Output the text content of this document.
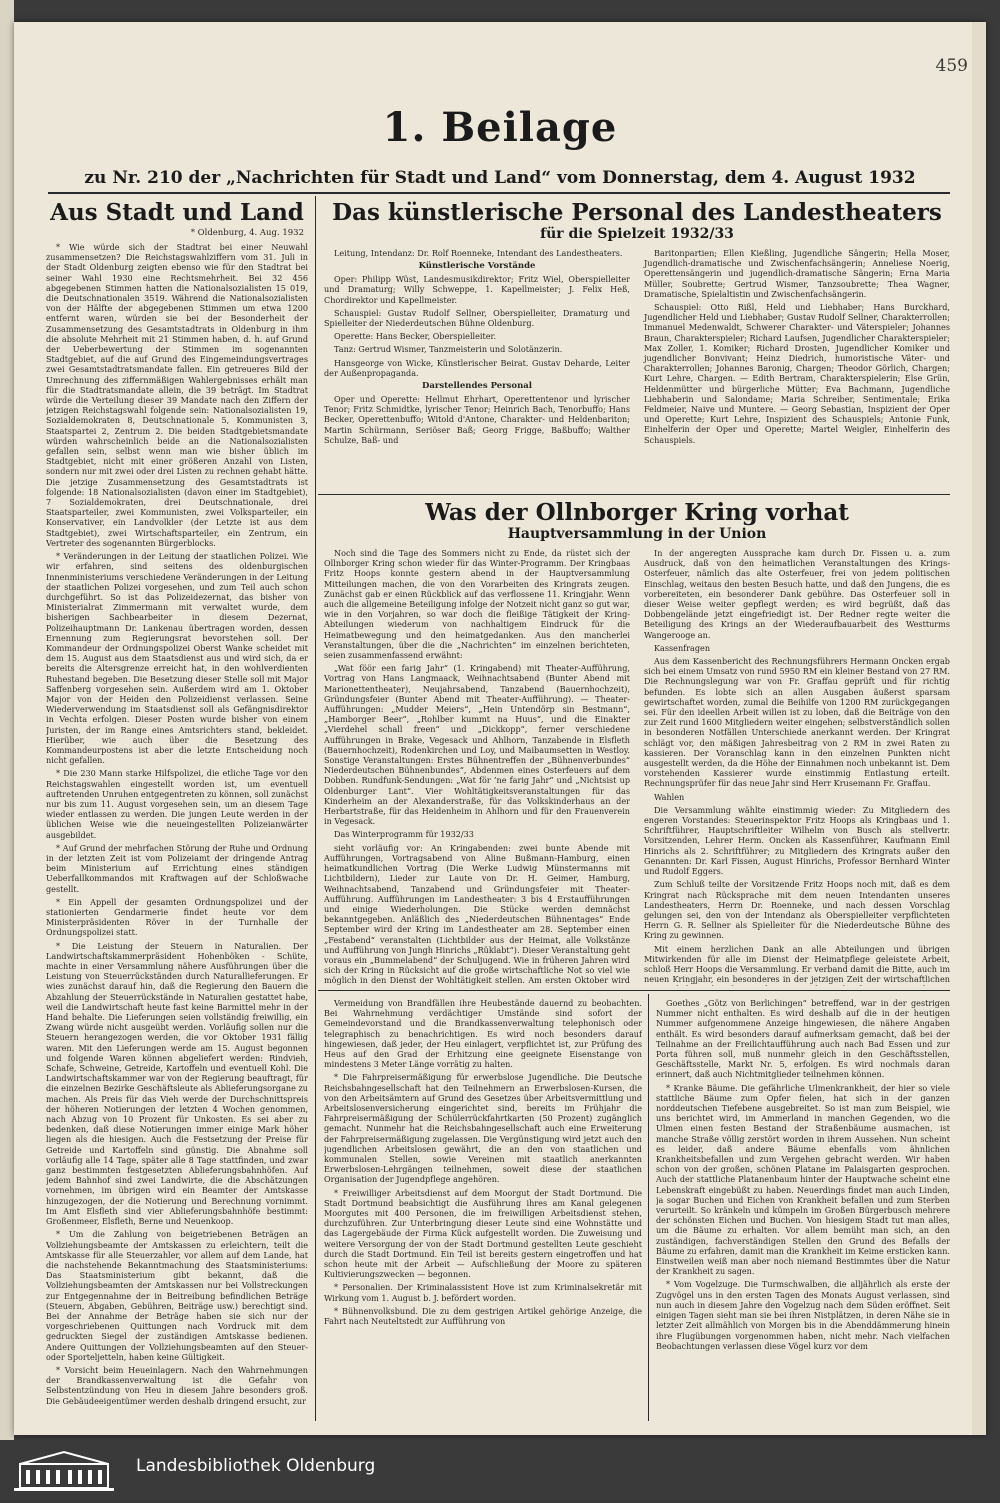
459
1. Beilage
zu Nr. 210 der „Nachrichten für Stadt und Land“ vom Donnerstag, dem 4. August 1932
Aus Stadt und Land
* Oldenburg, 4. Aug. 1932

* Wie würde sich der Stadtrat bei einer Neuwahl zusammensetzen? Die Reichstagswahlziffern vom 31. Juli in der Stadt Oldenburg zeigten ebenso wie für den Stadtrat bei seiner Wahl 1930 eine Rechtsmehrheit. Bei 32 456 abgegebenen Stimmen hatten die Nationalsozialisten 15 019, die Deutschnationalen 3519. Während die Nationalsozialisten von der Hälfte der abgegebenen Stimmen um etwa 1200 entfernt waren, würden sie bei der Besonderheit der Zusammensetzung des Gesamtstadtrats in Oldenburg in ihm die absolute Mehrheit mit 21 Stimmen haben, d. h. auf Grund der Ueberbewertung der Stimmen im sogenannten Stadtgebiet, auf die auf Grund des Eingemeindungsvertrages zwei Gesamtstadtratsmandate fallen. Ein getreueres Bild der Umrechnung des ziffernmäßigen Wahlergebnisses erhält man für die Stadtratsmandate allein, die 39 beträgt. Im Stadtrat würde die Verteilung dieser 39 Mandate nach den Ziffern der jetzigen Reichstagswahl folgende sein: Nationalsozialisten 19, Sozialdemokraten 8, Deutschnationale 5, Kommunisten 3, Staatspartei 2, Zentrum 2. Die beiden Stadtgebietsmandate würden wahrscheinlich beide an die Nationalsozialisten gefallen sein, selbst wenn man wie bisher üblich im Stadtgebiet, nicht mit einer größeren Anzahl von Listen, sondern nur mit zwei oder drei Listen zu rechnen gehabt hätte. Die jetzige Zusammensetzung des Gesamtstadtrats ist folgende: 18 Nationalsozialisten (davon einer im Stadtgebiet), 7 Sozialdemokraten, drei Deutschnationale, drei Staatsparteiler, zwei Kommunisten, zwei Volksparteiler, ein Konservativer, ein Landvolkler (der Letzte ist aus dem Stadtgebiet), zwei Wirtschaftsparteiler, ein Zentrum, ein Vertreter des sogenannten Bürgerblocks.

* Veränderungen in der Leitung der staatlichen Polizei. Wie wir erfahren, sind seitens des oldenburgischen Innenministeriums verschiedene Veränderungen in der Leitung der staatlichen Polizei vorgesehen, und zum Teil auch schon durchgeführt. So ist das Polizeidezernat, das bisher von Ministerialrat Zimmermann mit verwaltet wurde, dem bisherigen Sachbearbeiter in diesem Dezernat, Polizeihauptmann Dr. Lankenau übertragen worden, dessen Ernennung zum Regierungsrat bevorstehen soll. Der Kommandeur der Ordnungspolizei Oberst Wanke scheidet mit dem 15. August aus dem Staatsdienst aus und wird sich, da er bereits die Altersgrenze erreicht hat, in den wohlverdienten Ruhestand begeben. Die Besetzung dieser Stelle soll mit Major Saffenberg vorgesehen sein. Außerdem wird am 1. Oktober Major von der Heiden den Polizeidienst verlassen. Seine Wiederverwendung im Staatsdienst soll als Gefängnisdirektor in Vechta erfolgen. Dieser Posten wurde bisher von einem Juristen, der im Range eines Amtsrichters stand, bekleidet. Hierüber, wie auch über die Besetzung des Kommandeurpostens ist aber die letzte Entscheidung noch nicht gefallen.

* Die 230 Mann starke Hilfspolizei, die etliche Tage vor den Reichstagswahlen eingestellt worden ist, um eventuell auftretenden Unruhen entgegentreten zu können, soll zunächst nur bis zum 11. August vorgesehen sein, um an diesem Tage wieder entlassen zu werden. Die jungen Leute werden in der üblichen Weise wie die neueingestellten Polizeianwärter ausgebildet.

* Auf Grund der mehrfachen Störung der Ruhe und Ordnung in der letzten Zeit ist vom Polizeiamt der dringende Antrag beim Ministerium auf Errichtung eines ständigen Ueberfallkommandos mit Kraftwagen auf der Schloßwache gestellt.

* Ein Appell der gesamten Ordnungspolizei und der stationierten Gendarmerie findet heute vor dem Ministerpräsidenten Röver in der Turnhalle der Ordnungspolizei statt.

* Die Leistung der Steuern in Naturalien. Der Landwirtschaftskammerpräsident Hohenböken - Schüte, machte in einer Versammlung nähere Ausführungen über die Leistung von Steuerrückständen durch Naturallieferungen. Er wies zunächst darauf hin, daß die Regierung den Bauern die Abzahlung der Steuerrückstände in Naturalien gestattet habe, weil die Landwirtschaft heute fast keine Barmittel mehr in der Hand behalte. Die Lieferungen seien vollständig freiwillig, ein Zwang würde nicht ausgeübt werden. Vorläufig sollen nur die Steuern herangezogen werden, die vor Oktober 1931 fällig waren. Mit den Lieferungen werde am 15. August begonnen und folgende Waren können abgeliefert werden: Rindvieh, Schafe, Schweine, Getreide, Kartoffeln und eventuell Kohl. Die Landwirtschaftskammer war von der Regierung beauftragt, für die einzelnen Bezirke Geschäftsleute als Ablieferungsorgane zu machen. Als Preis für das Vieh werde der Durchschnittspreis der höheren Notierungen der letzten 4 Wochen genommen, nach Abzug von 10 Prozent für Unkosten. Es sei aber zu bedenken, daß diese Notierungen immer einige Mark höher liegen als die hiesigen. Auch die Festsetzung der Preise für Getreide und Kartoffeln sind günstig. Die Abnahme soll vorläufig alle 14 Tage, später alle 8 Tage stattfinden, und zwar ganz bestimmten festgesetzten Ablieferungsbahnhöfen. Auf jedem Bahnhof sind zwei Landwirte, die die Abschätzungen vornehmen, im übrigen wird ein Beamter der Amtskasse hinzugezogen, der die Notierung und Berechnung vornimmt. Im Amt Elsfleth sind vier Ablieferungsbahnhöfe bestimmt: Großenmeer, Elsfleth, Berne und Neuenkoop.

* Um die Zahlung von beigetriebenen Beträgen an Vollziehungsbeamte der Amtskassen zu erleichtern, teilt die Amtskasse für alle Steuerzahler, vor allem auf dem Lande, hat die nachstehende Bekanntmachung des Staatsministeriums: Das Staatsministerium gibt bekannt, daß die Vollziehungsbeamten der Amtskassen nur bei Vollstreckungen zur Entgegennahme der in Beitreibung befindlichen Beträge (Steuern, Abgaben, Gebühren, Beiträge usw.) berechtigt sind. Bei der Annahme der Beträge haben sie sich nur der vorgeschriebenen Quittungen nach Vordruck mit dem gedruckten Siegel der zuständigen Amtskasse bedienen. Andere Quittungen der Vollziehungsbeamten auf den Steuer- oder Sporteljetteln, haben keine Gültigkeit.

* Vorsicht beim Heueinlagern. Nach den Wahrnehmungen der Brandkassenverwaltung ist die Gefahr von Selbstentzündung von Heu in diesem Jahre besonders groß. Die Gebäudeeigentümer werden deshalb dringend ersucht, zur

Das künstlerische Personal des Landestheaters
für die Spielzeit 1932/33

Leitung, Intendanz: Dr. Rolf Roenneke, Intendant des Landestheaters.

Künstlerische Vorstände

Oper: Philipp Wüst, Landesmusikdirektor; Fritz Wiel, Oberspielleiter und Dramaturg; Willy Schweppe, 1. Kapellmeister; J. Felix Heß, Chordirektor und Kapellmeister.

Schauspiel: Gustav Rudolf Sellner, Oberspielleiter, Dramaturg und Spielleiter der Niederdeutschen Bühne Oldenburg.

Operette: Hans Becker, Oberspielleiter.

Tanz: Gertrud Wismer, Tanzmeisterin und Solotänzerin.

Hansgeorge von Wicke, Künstlerischer Beirat. Gustav Deharde, Leiter der Außenpropaganda.

Darstellendes Personal

Oper und Operette: Hellmut Ehrhart, Operettentenor und lyrischer Tenor; Fritz Schmidtke, lyrischer Tenor; Heinrich Bach, Tenorbuffo; Hans Becker, Operettenbuffo; Witold d'Antone, Charakter- und Heldenbariton; Martin Schürmann, Seriöser Baß; Georg Frigge, Baßbuffo; Walther Schulze, Baß- und

Baritonpartien; Ellen Kießling, Jugendliche Sängerin; Hella Moser, Jugendlich-dramatische und Zwischenfachsängerin; Anneliese Noerig, Operettensängerin und jugendlich-dramatische Sängerin; Erna Maria Müller, Soubrette; Gertrud Wismer, Tanzsoubrette; Thea Wagner, Dramatische, Spielaltistin und Zwischenfachsängerin.

Schauspiel: Otto Rißl, Held und Liebhaber; Hans Burckhard, Jugendlicher Held und Liebhaber; Gustav Rudolf Sellner, Charakterrollen; Immanuel Medenwaldt, Schwerer Charakter- und Väterspieler; Johannes Braun, Charakterspieler; Richard Laufsen, Jugendlicher Charakterspieler; Max Zoller, 1. Komiker; Richard Drosten, Jugendlicher Komiker und jugendlicher Bonvivant; Heinz Diedrich, humoristische Väter- und Charakterrollen; Johannes Baronig, Chargen; Theodor Görlich, Chargen; Kurt Lehre, Chargen. — Edith Bertram, Charakterspielerin; Else Grün, Heldenmütter und bürgerliche Mütter; Eva Bachmann, Jugendliche Liebhaberin und Salondame; Maria Schreiber, Sentimentale; Erika Feldmeier, Naive und Muntere. — Georg Sebastian, Inspizient der Oper und Operette; Kurt Lehre, Inspizient des Schauspiels; Antonie Funk, Einhelferin der Oper und Operette; Martel Weigler, Einhelferin des Schauspiels.

Was der Ollnborger Kring vorhat
Hauptversammlung in der Union

Noch sind die Tage des Sommers nicht zu Ende, da rüstet sich der Ollnborger Kring schon wieder für das Winter-Programm. Der Kringbaas Fritz Hoops konnte gestern abend in der Hauptversammlung Mitteilungen machen, die von den Vorarbeiten des Kringrats zeugen. Zunächst gab er einen Rückblick auf das verflossene 11. Kringjahr. Wenn auch die allgemeine Beteiligung infolge der Notzeit nicht ganz so gut war, wie in den Vorjahren, so war doch die fleißige Tätigkeit der Kring-Abteilungen wiederum von nachhaltigem Eindruck für die Heimatbewegung und den heimatgedanken. Aus den mancherlei Veranstaltungen, über die die „Nachrichten“ im einzelnen berichteten, seien zusammenfassend erwähnt:

„Wat föör een farig Jahr“ (1. Kringabend) mit Theater-Aufführung, Vortrag von Hans Langmaack, Weihnachtsabend (Bunter Abend mit Marionettentheater), Neujahrsabend, Tanzabend (Bauernhochzeit), Gründungsfeier (Bunter Abend mit Theater-Aufführung). — Theater-Aufführungen: „Mudder Meiers“, „Hein Untendörp sin Bestmann“, „Hamborger Beer“, „Rohlber kummt na Huus“, und die Einakter „Vierdehel schall freen“ und „Dickkopp“, ferner verschiedene Aufführungen in Brake, Vegesack und Ahlhorn, Tanzabende in Elsfleth (Bauernhochzeit), Rodenkirchen und Loy, und Maibaumsetten in Westloy. Sonstige Veranstaltungen: Erstes Bühnentreffen der „Bühnenverbundes“ Niederdeutschen Bühnenbundes“, Abdenmen eines Osterfeuers auf dem Dobben. Rundfunk-Sendungen: „Wat för ’ne farig Jahr“ und „Nichtsist up Oldenburger Lant“. Vier Wohltätigkeitsveranstaltungen für das Kinderheim an der Alexanderstraße, für das Volkskinderhaus an der Herbartstraße, für das Heidenheim in Ahlhorn und für den Frauenverein in Vegesack.

Das Winterprogramm für 1932/33

sieht vorläufig vor: An Kringabenden: zwei bunte Abende mit Aufführungen, Vortragsabend von Aline Bußmann-Hamburg, einen heimatkundlichen Vortrag (Die Werke Ludwig Münstermanns mit Lichtbildern), Lieder zur Laute von Dr. H. Geimer, Hamburg, Weihnachtsabend, Tanzabend und Gründungsfeier mit Theater-Aufführung. Aufführungen im Landestheater: 3 bis 4 Erstaufführungen und einige Wiederholungen. Die Stücke werden demnächst bekanntgegeben. Anläßlich des „Niederdeutschen Bühnentages“ Ende September wird der Kring im Landestheater am 28. September einen „Festabend“ veranstalten (Lichtbilder aus der Heimat, alle Volkstänze und Aufführung von Jungh Hinrichs „Rüklabt“). Dieser Veranstaltung geht voraus ein „Bummelabend“ der Schuljugend. Wie in früheren Jahren wird sich der Kring in Rücksicht auf die große wirtschaftliche Not so viel wie möglich in den Dienst der Wohltätigkeit stellen. Am ersten Oktober wird

In der angeregten Aussprache kam durch Dr. Fissen u. a. zum Ausdruck, daß von den heimatlichen Veranstaltungen des Krings-Osterfeuer, nämlich das alte Osterfeuer, frei von jedem politischen Einschlag, weitaus den besten Besuch hatte, und daß den Jungens, die es vorbereiteten, ein besonderer Dank gebühre. Das Osterfeuer soll in dieser Weise weiter gepflegt werden; es wird begrüßt, daß das Dobbengelände jetzt eingefriedigt ist. Der Redner regte weiter die Beteiligung des Krings an der Wiederaufbauarbeit des Westturms Wangerooge an.

Kassenfragen

Aus dem Kassenbericht des Rechnungsführers Hermann Oncken ergab sich bei einem Umsatz von rund 5950 RM ein kleiner Bestand von 27 RM. Die Rechnungslegung war von Fr. Graffau geprüft und für richtig befunden. Es lobte sich an allen Ausgaben äußerst sparsam gewirtschaftet worden, zumal die Beihilfe von 1200 RM zurückgegangen sei. Für den ideellen Arbeit willen ist zu loben, daß die Beiträge von den zur Zeit rund 1600 Mitgliedern weiter eingehen; selbstverständlich sollen in besonderen Notfällen Unterschiede anerkannt werden. Der Kringrat schlägt vor, den mäßigen Jahresbeitrag von 2 RM in zwei Raten zu kassieren. Der Voranschlag kann in den einzelnen Punkten nicht ausgestellt werden, da die Höhe der Einnahmen noch unbekannt ist. Dem vorstehenden Kassierer wurde einstimmig Entlastung erteilt. Rechnungsprüfer für das neue Jahr sind Herr Krusemann Fr. Graffau.

Wahlen

Die Versammlung wählte einstimmig wieder: Zu Mitgliedern des engeren Vorstandes: Steuerinspektor Fritz Hoops als Kringbaas und 1. Schriftführer, Hauptschriftleiter Wilhelm von Busch als stellvertr. Vorsitzenden, Lehrer Herm. Oncken als Kassenführer, Kaufmann Emil Hinrichs als 2. Schriftführer; zu Mitgliedern des Kringrats außer den Genannten: Dr. Karl Fissen, August Hinrichs, Professor Bernhard Winter und Rudolf Eggers.

Zum Schluß teilte der Vorsitzende Fritz Hoops noch mit, daß es dem Kringrat nach Rücksprache mit dem neuen Intendanten unseres Landestheaters, Herrn Dr. Roenneke, und nach dessen Vorschlag gelungen sei, den von der Intendanz als Oberspielleiter verpflichteten Herrn G. R. Sellner als Spielleiter für die Niederdeutsche Bühne des Kring zu gewinnen.

Mit einem herzlichen Dank an alle Abteilungen und übrigen Mitwirkenden für alle im Dienst der Heimatpflege geleistete Arbeit, schloß Herr Hoops die Versammlung. Er verband damit die Bitte, auch im neuen Kringjahr, ein besonderes in der jetzigen Zeit der wirtschaftlichen

Vermeidung von Brandfällen ihre Heubestände dauernd zu beobachten. Bei Wahrnehmung verdächtiger Umstände sind sofort der Gemeindevorstand und die Brandkassenverwaltung telephonisch oder telegraphisch zu benachrichtigen. Es wird noch besonders darauf hingewiesen, daß jeder, der Heu einlagert, verpflichtet ist, zur Prüfung des Heus auf den Grad der Erhitzung eine geeignete Eisenstange von mindestens 3 Meter Länge vorrätig zu halten.

* Die Fahrpreisermäßigung für erwerbslose Jugendliche. Die Deutsche Reichsbahngesellschaft hat den Teilnehmern an Erwerbslosen-Kursen, die von den Arbeitsämtern auf Grund des Gesetzes über Arbeitsvermittlung und Arbeitslosenversicherung eingerichtet sind, bereits im Frühjahr die Fahrpreisermäßigung der Schülerrückfahrtkarten (50 Prozent) zugänglich gemacht. Nunmehr hat die Reichsbahngesellschaft auch eine Erweiterung der Fahrpreisermäßigung zugelassen. Die Vergünstigung wird jetzt auch den jugendlichen Arbeitslosen gewährt, die an den von staatlichen und kommunalen Stellen, sowie Vereinen mit staatlich anerkannten Erwerbslosen-Lehrgängen teilnehmen, soweit diese der staatlichen Organisation der Jugendpflege angehören.

* Freiwilliger Arbeitsdienst auf dem Moorgut der Stadt Dortmund. Die Stadt Dortmund beabsichtigt die Ausführung ihres am Kanal gelegenen Moorgutes mit 400 Personen, die im freiwilligen Arbeitsdienst stehen, durchzuführen. Zur Unterbringung dieser Leute sind eine Wohnstätte und das Lagergebäude der Firma Kück aufgestellt worden. Die Zuweisung und weitere Versorgung der von der Stadt Dortmund gestellten Leute geschieht durch die Stadt Dortmund. Ein Teil ist bereits gestern eingetroffen und hat schon heute mit der Arbeit — Aufschließung der Moore zu späteren Kultivierungszwecken — begonnen.

* Personalien. Der Kriminalassistent Hove ist zum Kriminalsekretär mit Wirkung vom 1. August b. J. befördert worden.

* Bühnenvolksbund. Die zu dem gestrigen Artikel gehörige Anzeige, die Fahrt nach Neuteltstedt zur Aufführung von

Goethes „Götz von Berlichingen“ betreffend, war in der gestrigen Nummer nicht enthalten. Es wird deshalb auf die in der heutigen Nummer aufgenommene Anzeige hingewiesen, die nähere Angaben enthält. Es wird besonders darauf aufmerksam gemacht, daß bei der Teilnahme an der Freilichtaufführung auch nach Bad Essen und zur Porta führen soll, muß nunmehr gleich in den Geschäftsstellen, Geschäftsstelle, Markt Nr. 5, erfolgen. Es wird nochmals daran erinnert, daß auch Nichtmitglieder teilnehmen können.

* Kranke Bäume. Die gefährliche Ulmenkrankheit, der hier so viele stattliche Bäume zum Opfer fielen, hat sich in der ganzen norddeutschen Tiefebene ausgebreitet. So ist man zum Beispiel, wie uns berichtet wird, im Ammerland in manchen Gegenden, wo die Ulmen einen festen Bestand der Straßenbäume ausmachen, ist manche Straße völlig zerstört worden in ihrem Aussehen. Nun scheint es leider, daß andere Bäume ebenfalls vom ähnlichen Krankheitsbefallen und zum Vergehen gebracht werden. Wir haben schon von der großen, schönen Platane im Palaisgarten gesprochen. Auch der stattliche Platanenbaum hinter der Hauptwache scheint eine Lebenskraft eingebüßt zu haben. Neuerdings findet man auch Linden, ja sogar Buchen und Eichen von Krankheit befallen und zum Sterben verurteilt. So kränkeln und kümpeln im Großen Bürgerbusch mehrere der schönsten Eichen und Buchen. Von hiesigem Stadt tut man alles, um die Bäume zu erhalten. Vor allem bemüht man sich, an den zuständigen, fachverständigen Stellen den Grund des Befalls der Bäume zu erfahren, damit man die Krankheit im Keime ersticken kann. Einstweilen weiß man aber noch niemand Bestimmtes über die Natur der Krankheit zu sagen.

* Vom Vogelzuge. Die Turmschwalben, die alljährlich als erste der Zugvögel uns in den ersten Tagen des Monats August verlassen, sind nun auch in diesem Jahre den Vogelzug nach dem Süden eröffnet. Seit einigen Tagen sieht man sie bei ihren Nistplätzen, in deren Nähe sie in letzter Zeit allmählich von Morgen bis in die Abenddämmerung hinein ihre Flugübungen vorgenommen haben, nicht mehr. Nach vielfachen Beobachtungen verlassen diese Vögel kurz vor dem

Landesbibliothek Oldenburg
